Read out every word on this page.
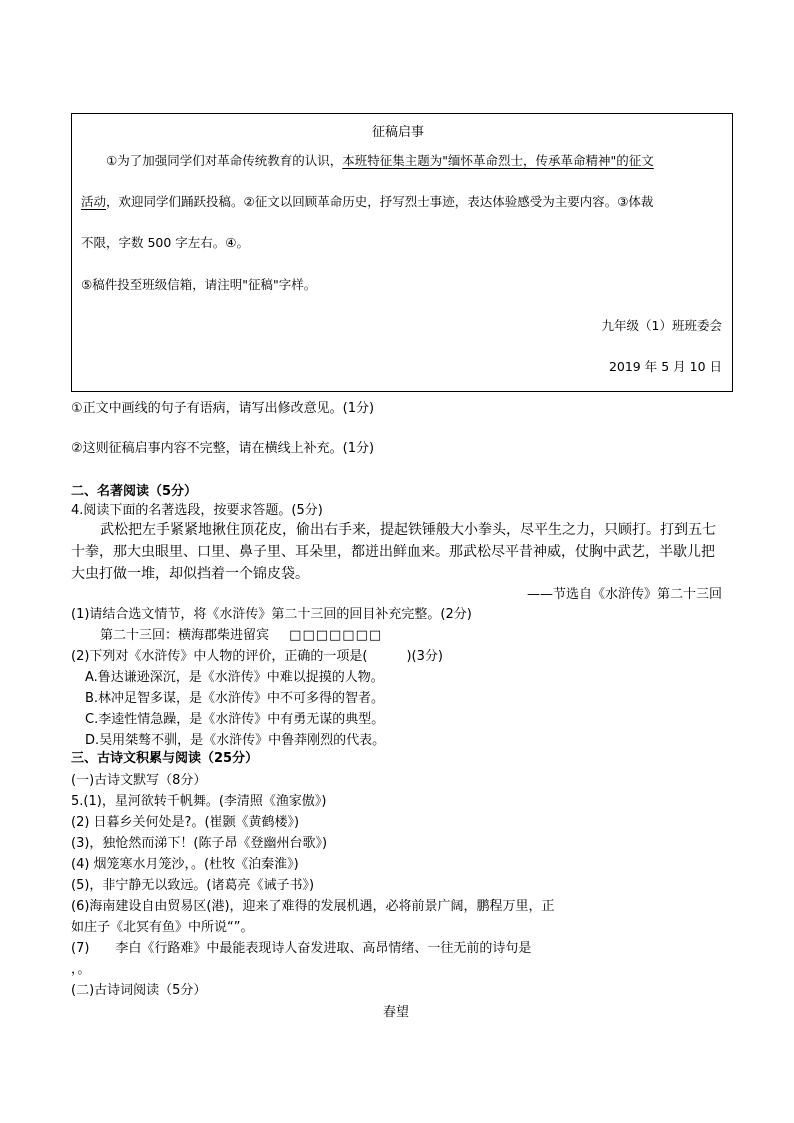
征稿启事
①为了加强同学们对革命传统教育的认识，本班特征集主题为"缅怀革命烈士，传承革命精神"的征文
活动，欢迎同学们踊跃投稿。②征文以回顾革命历史，抒写烈士事迹，表达体验感受为主要内容。③体裁
不限，字数 500 字左右。④。
⑤稿件投至班级信箱，请注明"征稿"字样。
九年级（1）班班委会
2019 年 5 月 10 日
①正文中画线的句子有语病，请写出修改意见。(1分)
②这则征稿启事内容不完整，请在横线上补充。(1分)
二、名著阅读（5分）
4.阅读下面的名著选段，按要求答题。(5分)
武松把左手紧紧地揪住顶花皮，偷出右手来，提起铁锤般大小拳头，尽平生之力，只顾打。打到五七
十拳，那大虫眼里、口里、鼻子里、耳朵里，都迸出鲜血来。那武松尽平昔神威，仗胸中武艺，半歇儿把
大虫打做一堆，却似挡着一个锦皮袋。
——节选自《水浒传》第二十三回
(1)请结合选文情节，将《水浒传》第二十三回的回目补充完整。(2分)
第二十三回：横海郡柴进留宾 □□□□□□□
(2)下列对《水浒传》中人物的评价，正确的一项是(　　　)(3分)
A.鲁达谦逊深沉，是《水浒传》中难以捉摸的人物。
B.林冲足智多谋，是《水浒传》中不可多得的智者。
C.李逵性情急躁，是《水浒传》中有勇无谋的典型。
D.吴用桀骜不驯，是《水浒传》中鲁莽刚烈的代表。
三、古诗文积累与阅读（25分）
(一)古诗文默写（8分）
5.(1)，星河欲转千帆舞。(李清照《渔家傲》)
(2) 日暮乡关何处是?。(崔颢《黄鹤楼》)
(3)，独怆然而涕下！(陈子昂《登幽州台歌》)
(4) 烟笼寒水月笼沙，。(杜牧《泊秦淮》)
(5)，非宁静无以致远。(诸葛亮《诫子书》)
(6)海南建设自由贸易区(港)，迎来了难得的发展机遇，必将前景广阔，鹏程万里，正
如庄子《北冥有鱼》中所说“”。
(7)　　李白《行路难》中最能表现诗人奋发进取、高昂情绪、一往无前的诗句是
，。
(二)古诗词阅读（5分）
春望
